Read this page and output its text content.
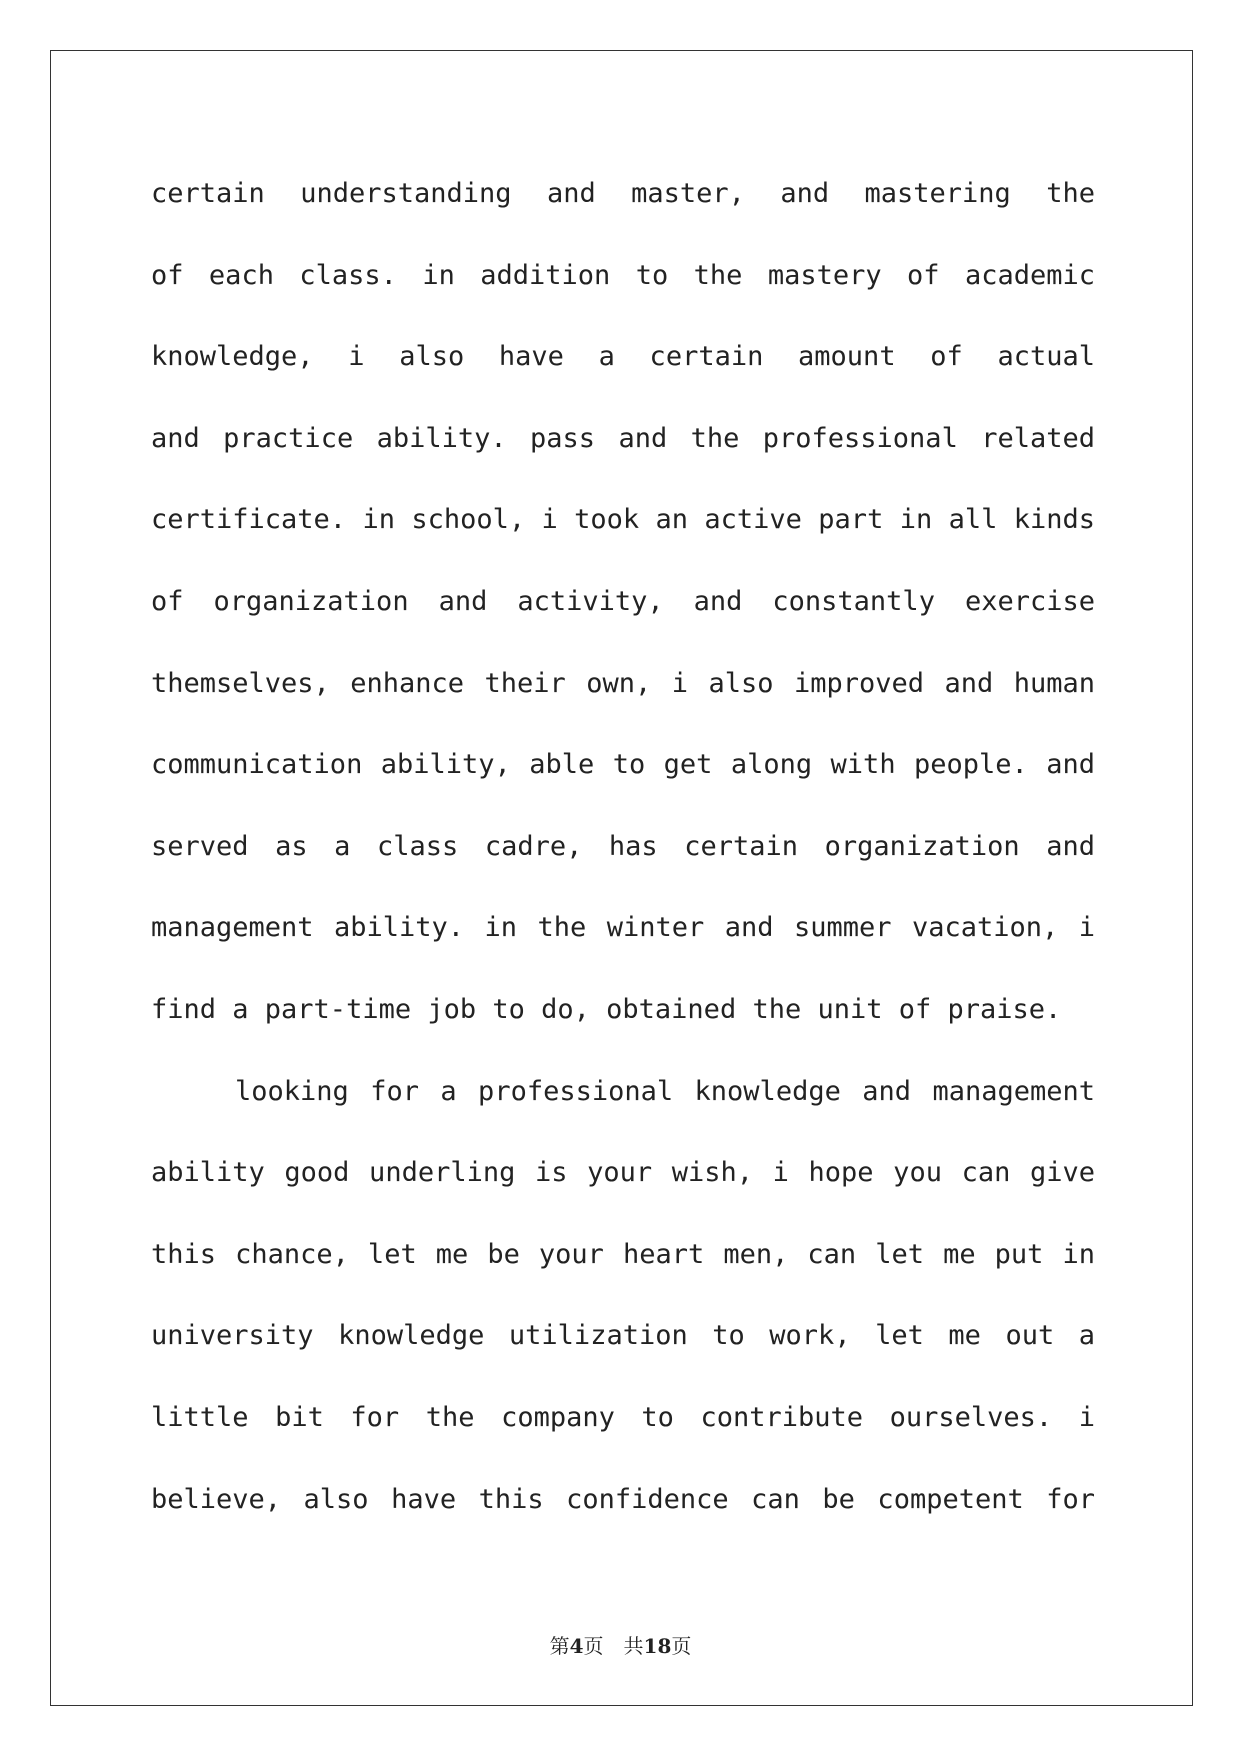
certain understanding and master, and mastering the
of each class. in addition to the mastery of academic
knowledge, i also have a certain amount of actual
and practice ability. pass and the professional related
certificate. in school, i took an active part in all kinds
of organization and activity, and constantly exercise
themselves, enhance their own, i also improved and human
communication ability, able to get along with people. and
served as a class cadre, has certain organization and
management ability. in the winter and summer vacation, i
find a part-time job to do, obtained the unit of praise.
looking for a professional knowledge and management
ability good underling is your wish, i hope you can give
this chance, let me be your heart men, can let me put in
university knowledge utilization to work, let me out a
little bit for the company to contribute ourselves. i
believe, also have this confidence can be competent for
第4页 共18页
